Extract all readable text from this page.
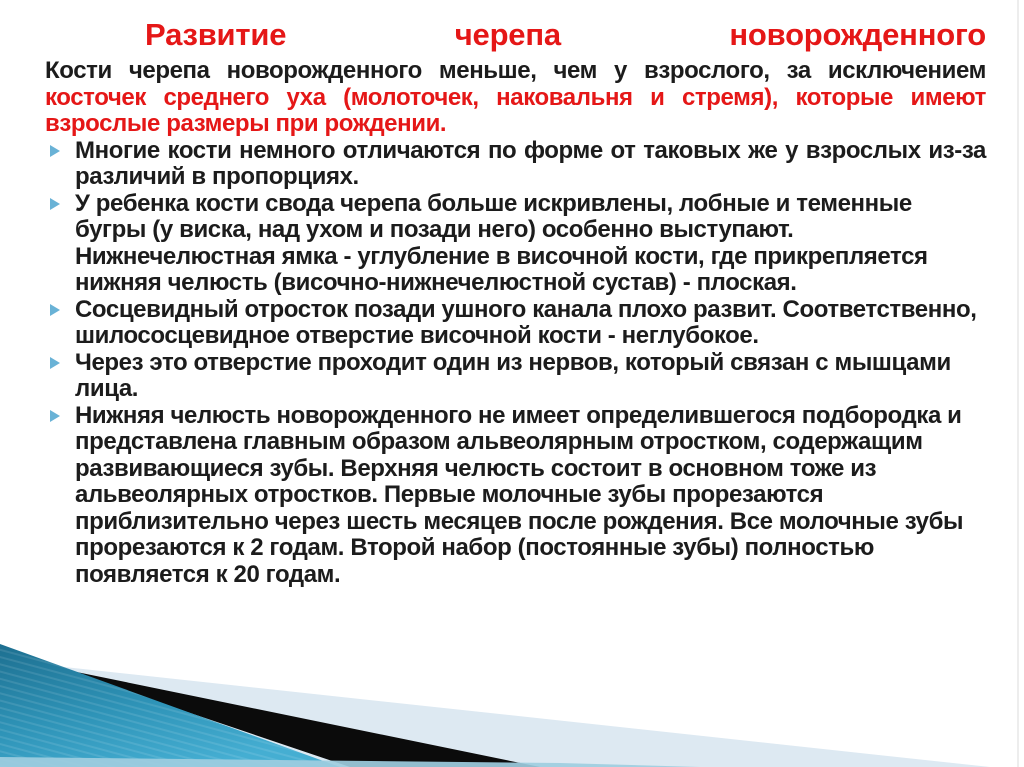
Развитие черепа новорожденного

Кости черепа новорожденного меньше, чем у взрослого, за исключением косточек среднего уха (молоточек, наковальня и стремя), которые имеют взрослые размеры при рождении.

Многие кости немного отличаются по форме от таковых же у взрослых из-за различий в пропорциях.
У ребенка кости свода черепа больше искривлены, лобные и теменные бугры (у виска, над ухом и позади него) особенно выступают. Нижнечелюстная ямка - углубление в височной кости, где прикрепляется нижняя челюсть (височно-нижнечелюстной сустав) - плоская.
Сосцевидный отросток позади ушного канала плохо развит. Соответственно, шилососцевидное отверстие височной кости - неглубокое.
Через это отверстие проходит один из нервов, который связан с мышцами лица.
Нижняя челюсть новорожденного не имеет определившегося подбородка и представлена главным образом альвеолярным отростком, содержащим развивающиеся зубы. Верхняя челюсть состоит в основном тоже из альвеолярных отростков. Первые молочные зубы прорезаются приблизительно через шесть месяцев после рождения. Все молочные зубы прорезаются к 2 годам. Второй набор (постоянные зубы) полностью появляется к 20 годам.
